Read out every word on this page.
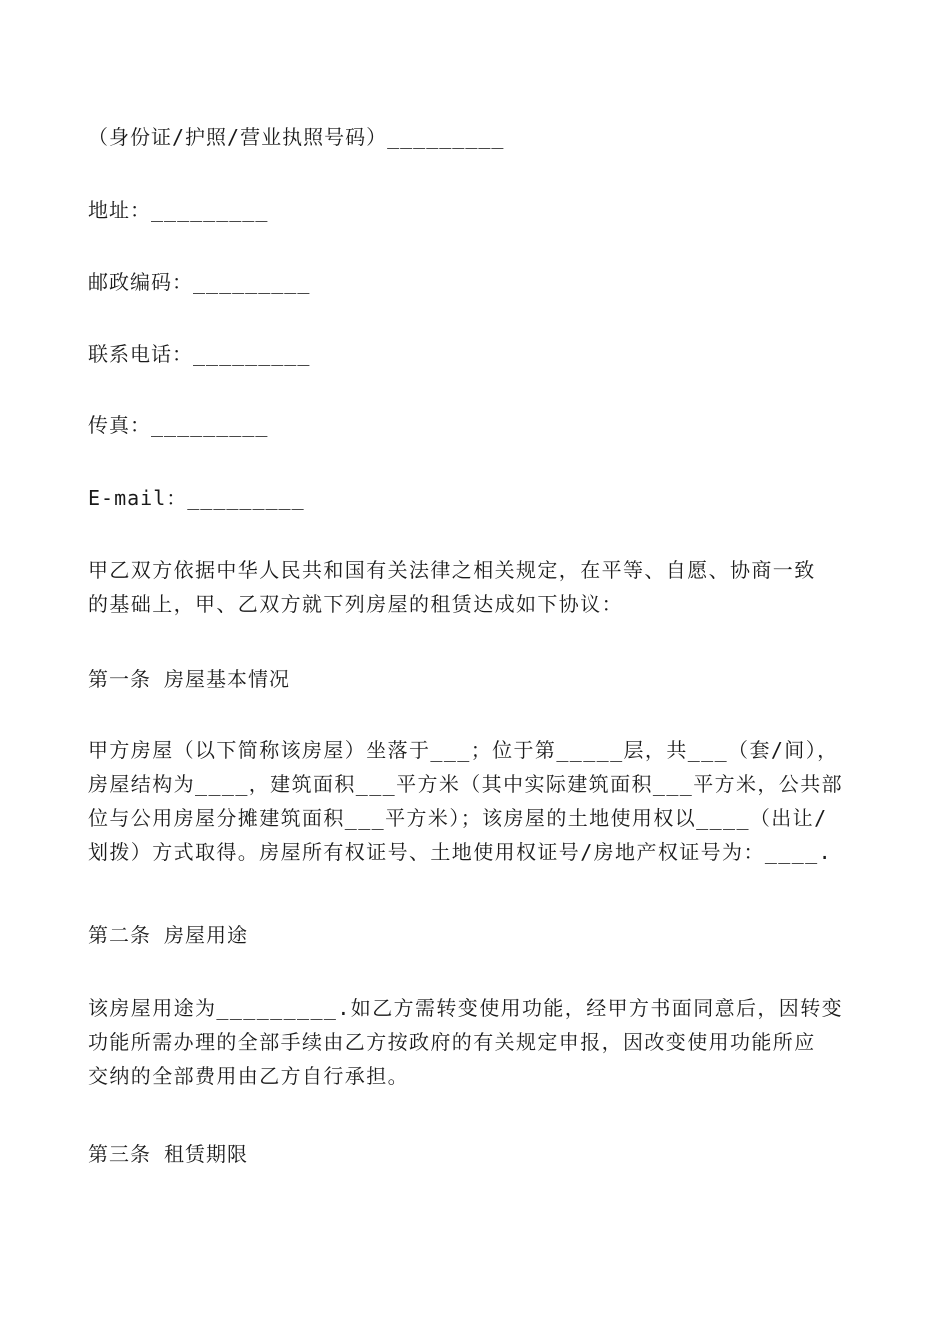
（身份证/护照/营业执照号码）_________
地址：_________
邮政编码：_________
联系电话：_________
传真：_________
E-mail：_________
甲乙双方依据中华人民共和国有关法律之相关规定，在平等、自愿、协商一致
的基础上，甲、乙双方就下列房屋的租赁达成如下协议：
第一条 房屋基本情况
甲方房屋（以下简称该房屋）坐落于___；位于第_____层，共___（套/间），
房屋结构为____，建筑面积___平方米（其中实际建筑面积___平方米，公共部
位与公用房屋分摊建筑面积___平方米）；该房屋的土地使用权以____（出让/
划拨）方式取得。房屋所有权证号、土地使用权证号/房地产权证号为：____.
第二条 房屋用途
该房屋用途为_________.如乙方需转变使用功能，经甲方书面同意后，因转变
功能所需办理的全部手续由乙方按政府的有关规定申报，因改变使用功能所应
交纳的全部费用由乙方自行承担。
第三条 租赁期限
